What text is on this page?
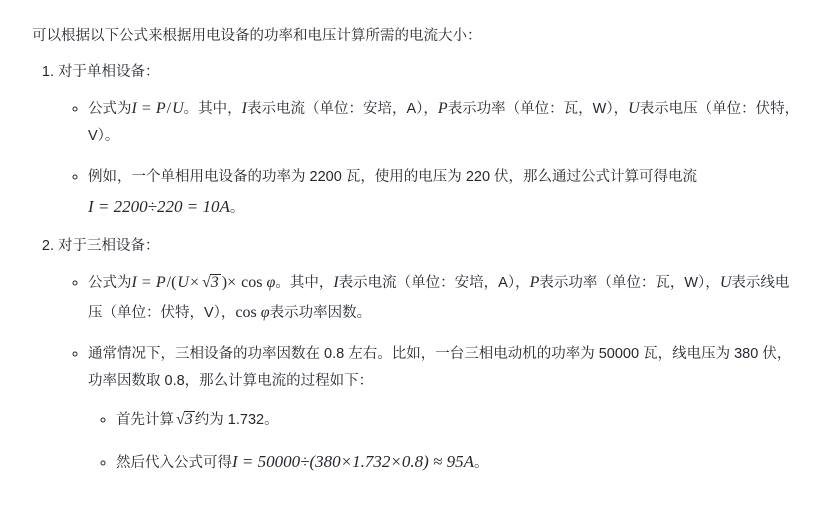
可以根据以下公式来根据用电设备的功率和电压计算所需的电流大小：
1. 对于单相设备：
◦ 公式为I = P/U。其中，I表示电流（单位：安培，A），P表示功率（单位：瓦，W），U表示电压（单位：伏特，V）。
◦ 例如，一个单相用电设备的功率为 2200 瓦，使用的电压为 220 伏，那么通过公式计算可得电流 I = 2200÷220 = 10A。
2. 对于三相设备：
◦ 公式为I = P/(U× √3 )× cos φ。其中，I表示电流（单位：安培，A），P表示功率（单位：瓦，W），U表示线电压（单位：伏特，V），cos φ表示功率因数。
◦ 通常情况下，三相设备的功率因数在 0.8 左右。比如，一台三相电动机的功率为 50000 瓦，线电压为 380 伏，功率因数取 0.8，那么计算电流的过程如下：
◦ 首先计算 √3 约为 1.732。
◦ 然后代入公式可得I = 50000÷(380×1.732×0.8) ≈ 95A。
